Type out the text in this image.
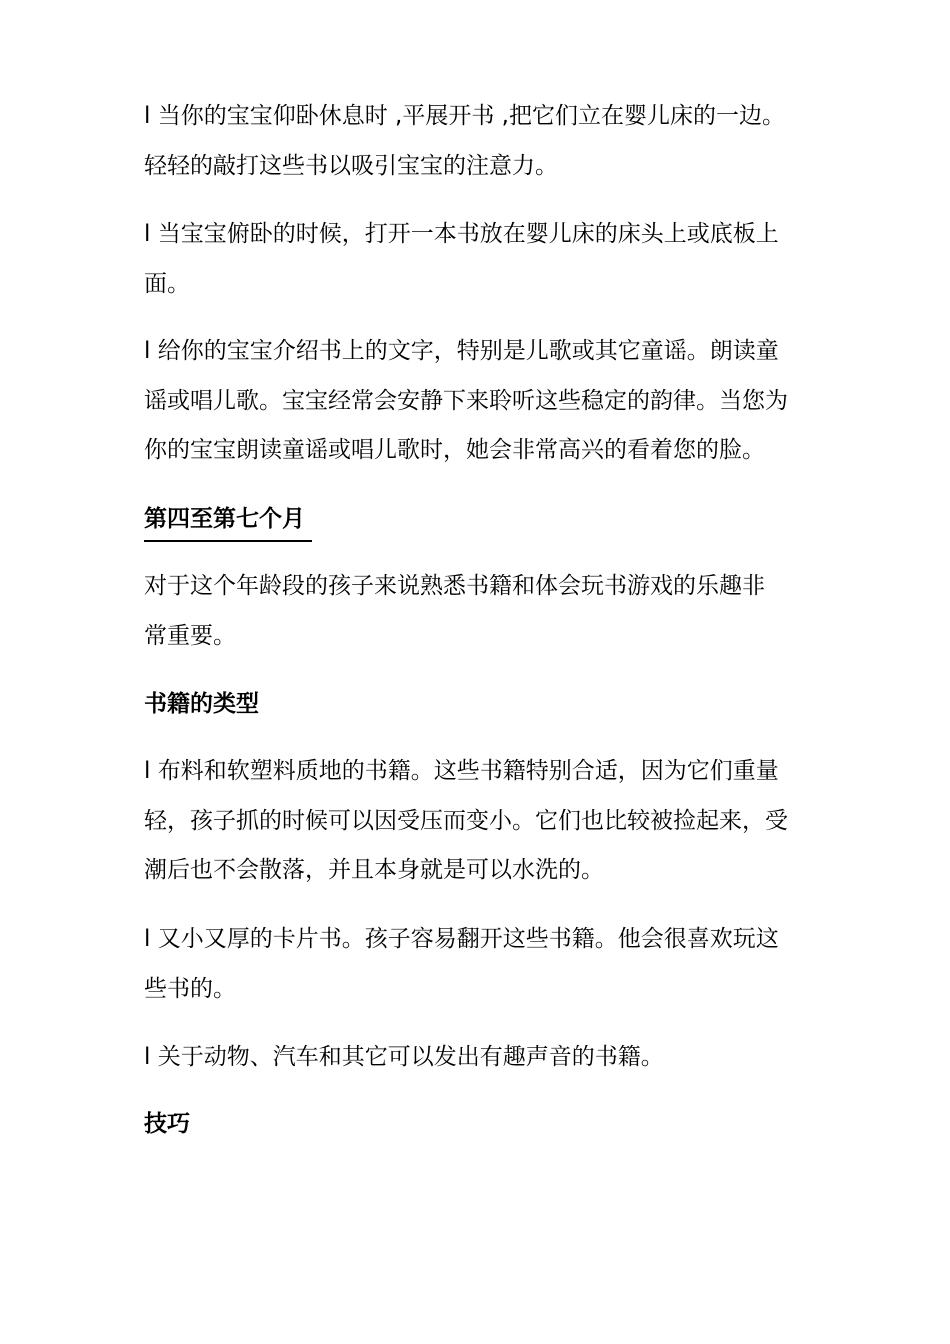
l 当你的宝宝仰卧休息时 ,平展开书 ,把它们立在婴儿床的一边。
轻轻的敲打这些书以吸引宝宝的注意力。

l 当宝宝俯卧的时候，打开一本书放在婴儿床的床头上或底板上
面。

l 给你的宝宝介绍书上的文字，特别是儿歌或其它童谣。朗读童
谣或唱儿歌。宝宝经常会安静下来聆听这些稳定的韵律。当您为
你的宝宝朗读童谣或唱儿歌时，她会非常高兴的看着您的脸。

第四至第七个月

对于这个年龄段的孩子来说熟悉书籍和体会玩书游戏的乐趣非
常重要。

书籍的类型

l 布料和软塑料质地的书籍。这些书籍特别合适，因为它们重量
轻，孩子抓的时候可以因受压而变小。它们也比较被捡起来，受
潮后也不会散落，并且本身就是可以水洗的。

l 又小又厚的卡片书。孩子容易翻开这些书籍。他会很喜欢玩这
些书的。

l 关于动物、汽车和其它可以发出有趣声音的书籍。

技巧
